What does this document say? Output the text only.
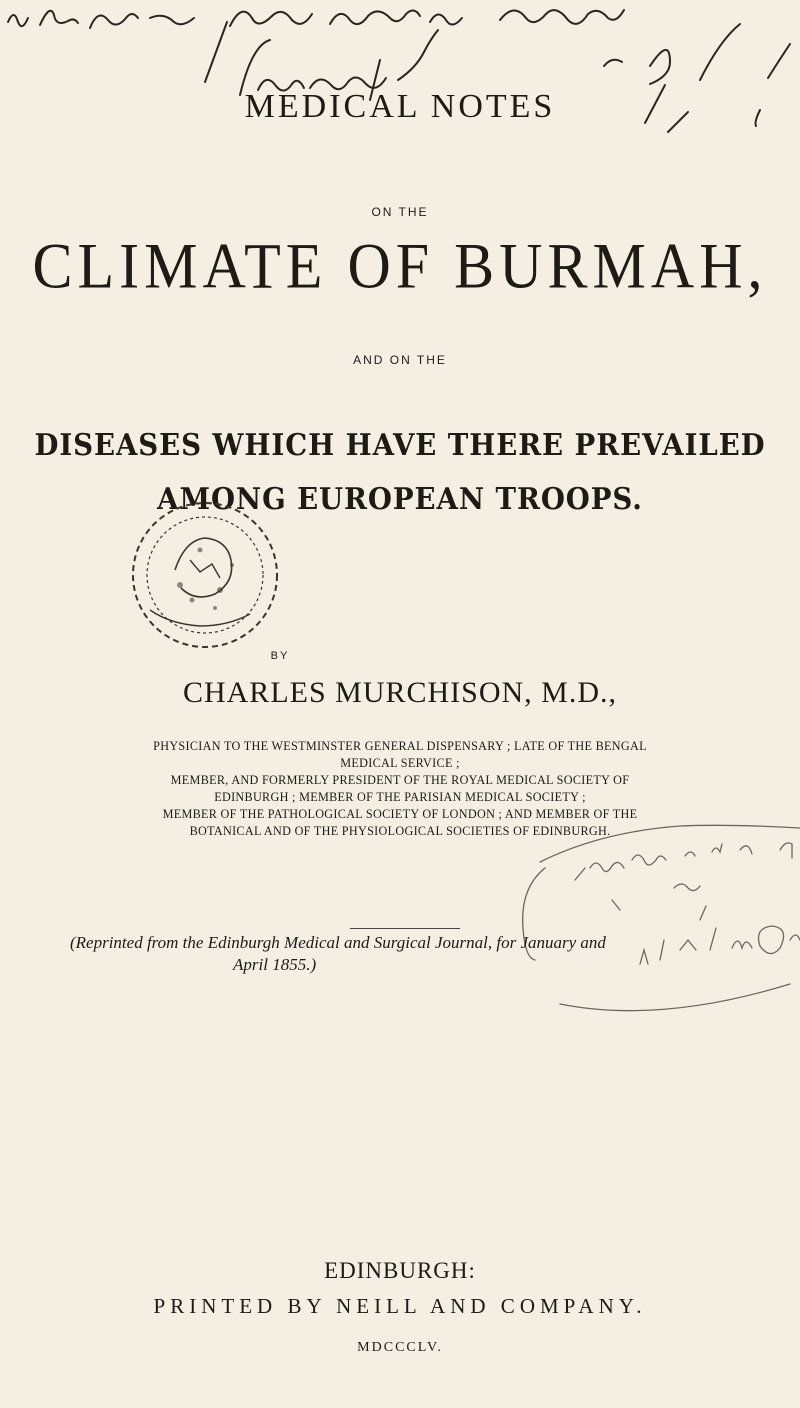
MEDICAL NOTES
ON THE
CLIMATE OF BURMAH,
AND ON THE
DISEASES WHICH HAVE THERE PREVAILED
AMONG EUROPEAN TROOPS.
BY
CHARLES MURCHISON, M.D.,
PHYSICIAN TO THE WESTMINSTER GENERAL DISPENSARY ; LATE OF THE BENGAL
MEDICAL SERVICE ;
MEMBER, AND FORMERLY PRESIDENT OF THE ROYAL MEDICAL SOCIETY OF
EDINBURGH ; MEMBER OF THE PARISIAN MEDICAL SOCIETY ;
MEMBER OF THE PATHOLOGICAL SOCIETY OF LONDON ; AND MEMBER OF THE
BOTANICAL AND OF THE PHYSIOLOGICAL SOCIETIES OF EDINBURGH.
(Reprinted from the Edinburgh Medical and Surgical Journal, for January and
April 1855.)
EDINBURGH:
PRINTED BY NEILL AND COMPANY.
MDCCCLV.
